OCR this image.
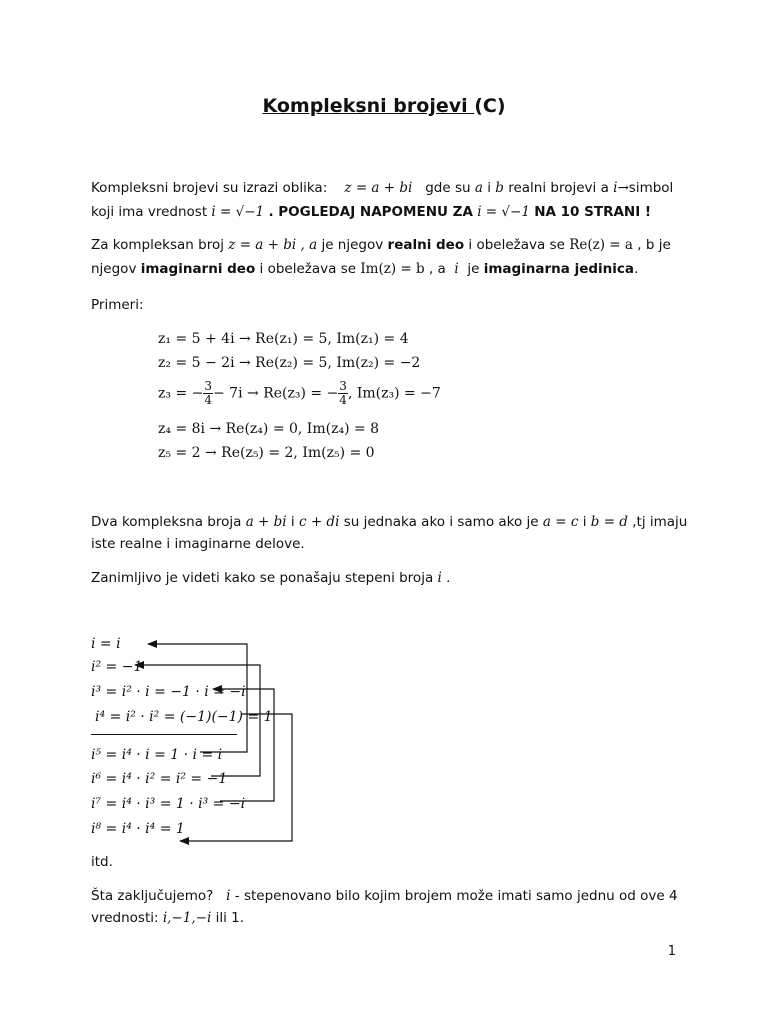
Kompleksni brojevi (C)
Kompleksni brojevi su izrazi oblika: z = a + bi gde su a i b realni brojevi a i→simbol
koji ima vrednost i = √−1 . POGLEDAJ NAPOMENU ZA i = √−1 NA 10 STRANI !
Za kompleksan broj z = a + bi , a je njegov realni deo i obeležava se Re(z) = a , b je
njegov imaginarni deo i obeležava se Im(z) = b , a i je imaginarna jedinica.
Primeri:
z₁ = 5 + 4i → Re(z₁) = 5, Im(z₁) = 4
z₂ = 5 − 2i → Re(z₂) = 5, Im(z₂) = −2
z₃ = − $\frac{3}{4} - 7i \to Re(z_3)$ = − $\frac{3}{4}$ , Im(z₃) = −7
z₄ = 8i → Re(z₄) = 0, Im(z₄) = 8
z₅ = 2 → Re(z₅) = 2, Im(z₅) = 0
Dva kompleksna broja a + bi i c + di su jednaka ako i samo ako je a = c i b = d ,tj imaju
iste realne i imaginarne delove.
Zanimljivo je videti kako se ponašaju stepeni broja i .
i = i
i² = −1
i³ = i² · i = −1 · i = −i
i⁴ = i² · i² = (−1)(−1) = 1
i⁵ = i⁴ · i = 1 · i = i
i⁶ = i⁴ · i² = i² = −1
i⁷ = i⁴ · i³ = 1 · i³ = −i
i⁸ = i⁴ · i⁴ = 1
itd.
Šta zaključujemo? i - stepenovano bilo kojim brojem može imati samo jednu od ove 4
vrednosti: i,−1,−i ili 1.
1
